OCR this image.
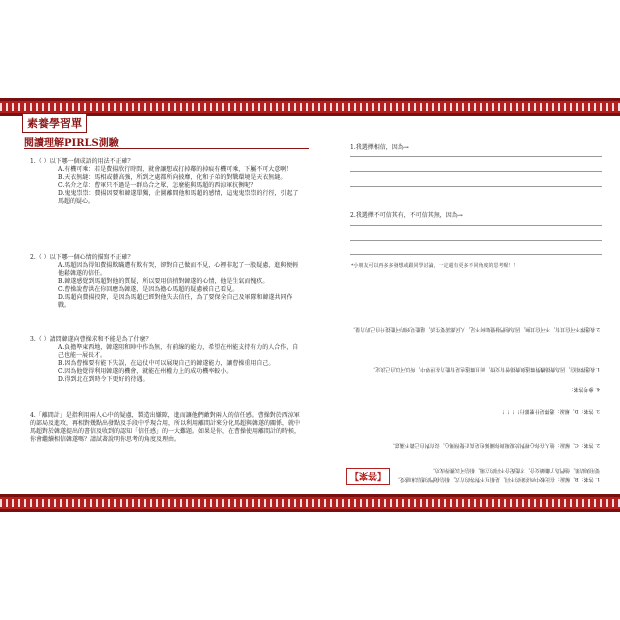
素養學習單
閱讀理解PIRLS測驗
1.（ ）以下哪一個成語的用法不正確？
A.有機可乘：若是費揚欣行時間，就會讓想或打掉鄰的掉痕有機可乘，下屬不可大意啊！
B.天衣無縫：馬相或藝高強，所到之處都所向披靡，化和子弟的對戰環境是天衣無縫。
C.名介之草：曹軍只不過是一群烏合之眾，怎麼能與馬超的西涼軍抗衡呢？
D.鬼鬼祟祟：費揚因要和韓遂單獨，企圖離間他和馬超的感情，這鬼鬼祟祟的行徑，引起了馬超的疑心。
2.（ ）以下哪一個心情的描寫不正確？
A.馬超因為得知費揚欺瞞遭有欺有哭，卻對自己做而不見，心裡非起了一股疑慮，進與便輕他鬆韓遂的信任。
B.韓遂感覺到馬超對他的質疑，所以要用信捎對韓遂的心情，他是生氣而愧疚。
C.曹操說曹洪在你回應為韓遂，是因為擔心馬超的疑慮被自己看見。
D.馬超向費揚投降，是因為馬超已經對他失去信任，為了要保全自己及軍隊和韓遂共同作戰。
3.（ ）請問韓遂向曹操求和不能是為了什麼？
A.負擔準東西地，韓遂阻和陣中作為無，有前線的能力，希望在州能支持有力的人合作，自己也能一展長才。
B.因為曹操要有能下失誤，在這仗中可以展現自己的韓遂能力，讓曹操重用自己。
C.因為他覺得利用韓遂的機會，就能在州權力上的成功機率較小。
D.得到北在到時令下更好的待遇。
4.「離間計」是指利用兩人心中的疑慮，製造出嫌隙，進而讓他們敵對兩人的信任感。曹操對於西涼軍的部局及進攻，再相對幾點出發點及手段中乎現合用，所以利用離間計來分化馬超與韓遂的關係，就中馬超對於韓遂提出的書信及收到的認知「信任感」的一大難題。如果是你，在曹操使用離間計的時候，你會繼續相信韓遂嗎？請試著說明你思考的角度及理由。
1.我選擇相信，因為→
2.我選擇不可信其有，不可信其無，因為→
*小朋友可以再多多發想或跟同學討論，一定還有更多不同角度的思考喔！！
1. 答案：B，解說：在比較中西差距的不同，是相互不對等的方式，相信我們的想法和感受。
要用與結果，他們為了繼續交合，才能配合不同的立場，相信可以獲得成功。
2. 答案：C，解說：他人在你心裡對於現場與你關係也是真正覺得開心，沒有對自己做不滿意。
3. 答案：D，解說：選擇是什麼都行！！！！
4. 參考答案：
1.我選擇相信，因為費揚機對韓遂與費揚曾有交情，而且韓遂也是有能力在世界中，所以可以自己決定。
2.我選擇不可信其有，不可信其無，因為他們發覺如何不足，人民都需要生活，還能見到的可能提升自己的力量。
【答案】
